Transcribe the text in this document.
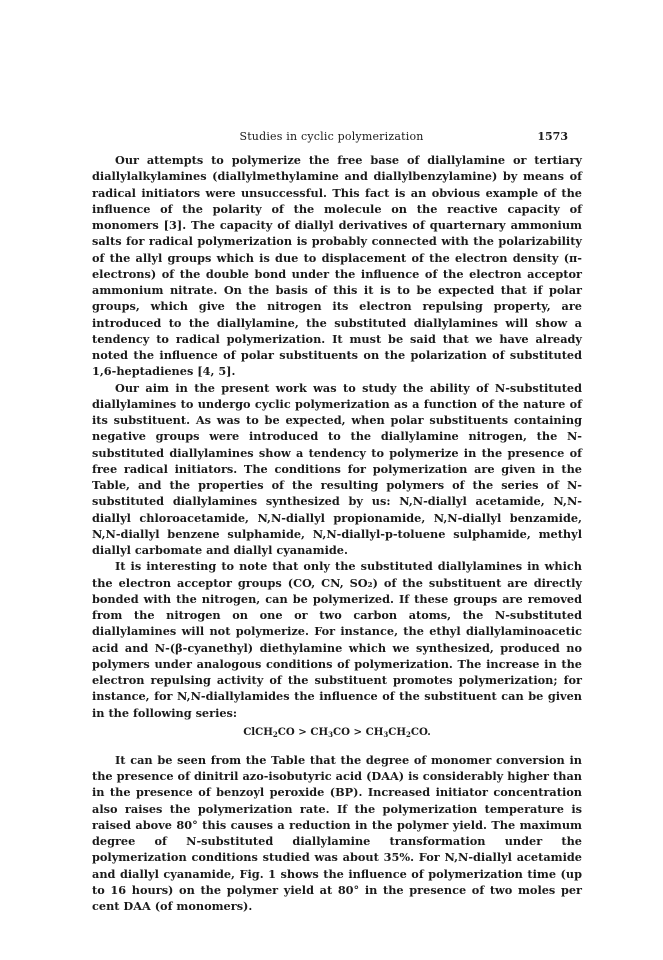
Studies in cyclic polymerization	1573

Our attempts to polymerize the free base of diallylamine or tertiary diallylalkylamines (diallylmethylamine and diallylbenzylamine) by means of radical initiators were unsuccessful. This fact is an obvious example of the influence of the polarity of the molecule on the reactive capacity of monomers [3]. The capacity of diallyl derivatives of quarternary ammonium salts for radical polymerization is probably connected with the polarizability of the allyl groups which is due to displacement of the electron density (π-electrons) of the double bond under the influence of the electron acceptor ammonium nitrate. On the basis of this it is to be expected that if polar groups, which give the nitrogen its electron repulsing property, are introduced to the diallylamine, the substituted diallylamines will show a tendency to radical polymerization. It must be said that we have already noted the influence of polar substituents on the polarization of substituted 1,6-heptadienes [4, 5].

Our aim in the present work was to study the ability of N-substituted diallylamines to undergo cyclic polymerization as a function of the nature of its substituent. As was to be expected, when polar substituents containing negative groups were introduced to the diallylamine nitrogen, the N-substituted diallylamines show a tendency to polymerize in the presence of free radical initiators. The conditions for polymerization are given in the Table, and the properties of the resulting polymers of the series of N-substituted diallylamines synthesized by us: N,N-diallyl acetamide, N,N-diallyl chloroacetamide, N,N-diallyl propionamide, N,N-diallyl benzamide, N,N-diallyl benzene sulphamide, N,N-diallyl-p-toluene sulphamide, methyl diallyl carbomate and diallyl cyanamide.

It is interesting to note that only the substituted diallylamines in which the electron acceptor groups (CO, CN, SO₂) of the substituent are directly bonded with the nitrogen, can be polymerized. If these groups are removed from the nitrogen on one or two carbon atoms, the N-substituted diallylamines will not polymerize. For instance, the ethyl diallylaminoacetic acid and N-(β-cyanethyl) diethylamine which we synthesized, produced no polymers under analogous conditions of polymerization. The increase in the electron repulsing activity of the substituent promotes polymerization; for instance, for N,N-diallylamides the influence of the substituent can be given in the following series:

ClCH$_2$CO > $CH_3CO > CH_3CH_2CO$.

It can be seen from the Table that the degree of monomer conversion in the presence of dinitril azo-isobutyric acid (DAA) is considerably higher than in the presence of benzoyl peroxide (BP). Increased initiator concentration also raises the polymerization rate. If the polymerization temperature is raised above 80° this causes a reduction in the polymer yield. The maximum degree of N-substituted diallylamine transformation under the polymerization conditions studied was about 35%. For N,N-diallyl acetamide and diallyl cyanamide, Fig. 1 shows the influence of polymerization time (up to 16 hours) on the polymer yield at 80° in the presence of two moles per cent DAA (of monomers).
